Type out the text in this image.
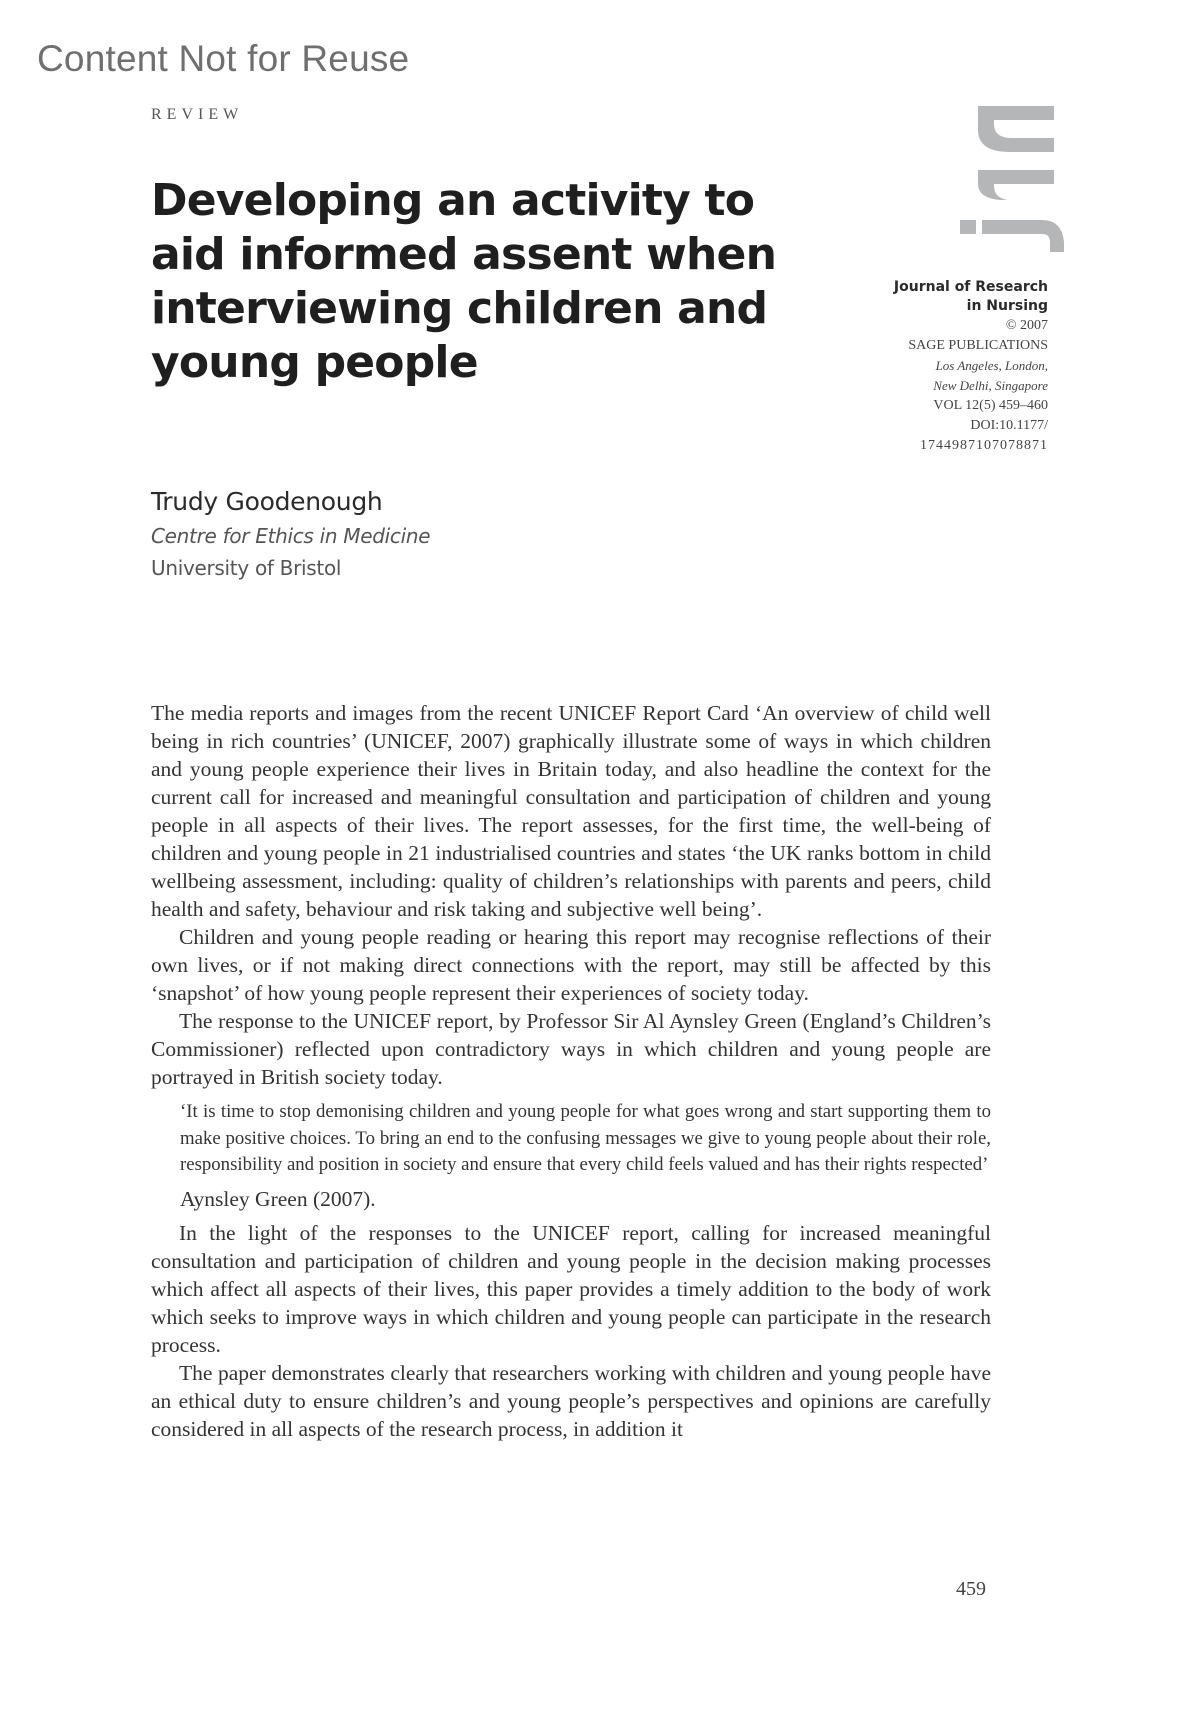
Content Not for Reuse
REVIEW
Developing an activity to aid informed assent when interviewing children and young people
Journal of Research
in Nursing
© 2007
SAGE PUBLICATIONS
Los Angeles, London,
New Delhi, Singapore
VOL 12(5) 459–460
DOI:10.1177/
1744987107078871
Trudy Goodenough
Centre for Ethics in Medicine
University of Bristol

The media reports and images from the recent UNICEF Report Card ‘An overview of child well being in rich countries’ (UNICEF, 2007) graphically illustrate some of ways in which children and young people experience their lives in Britain today, and also headline the context for the current call for increased and meaningful consultation and participation of children and young people in all aspects of their lives. The report assesses, for the first time, the well-being of children and young people in 21 industrialised countries and states ‘the UK ranks bottom in child wellbeing assessment, including: quality of children’s relationships with parents and peers, child health and safety, behaviour and risk taking and subjective well being’.

Children and young people reading or hearing this report may recognise reflections of their own lives, or if not making direct connections with the report, may still be affected by this ‘snapshot’ of how young people represent their experiences of society today.

The response to the UNICEF report, by Professor Sir Al Aynsley Green (England’s Children’s Commissioner) reflected upon contradictory ways in which children and young people are portrayed in British society today.

‘It is time to stop demonising children and young people for what goes wrong and start supporting them to make positive choices. To bring an end to the confusing messages we give to young people about their role, responsibility and position in society and ensure that every child feels valued and has their rights respected’
Aynsley Green (2007).

In the light of the responses to the UNICEF report, calling for increased meaningful consultation and participation of children and young people in the decision making processes which affect all aspects of their lives, this paper provides a timely addition to the body of work which seeks to improve ways in which children and young people can participate in the research process.

The paper demonstrates clearly that researchers working with children and young people have an ethical duty to ensure children’s and young people’s perspectives and opinions are carefully considered in all aspects of the research process, in addition it

459
